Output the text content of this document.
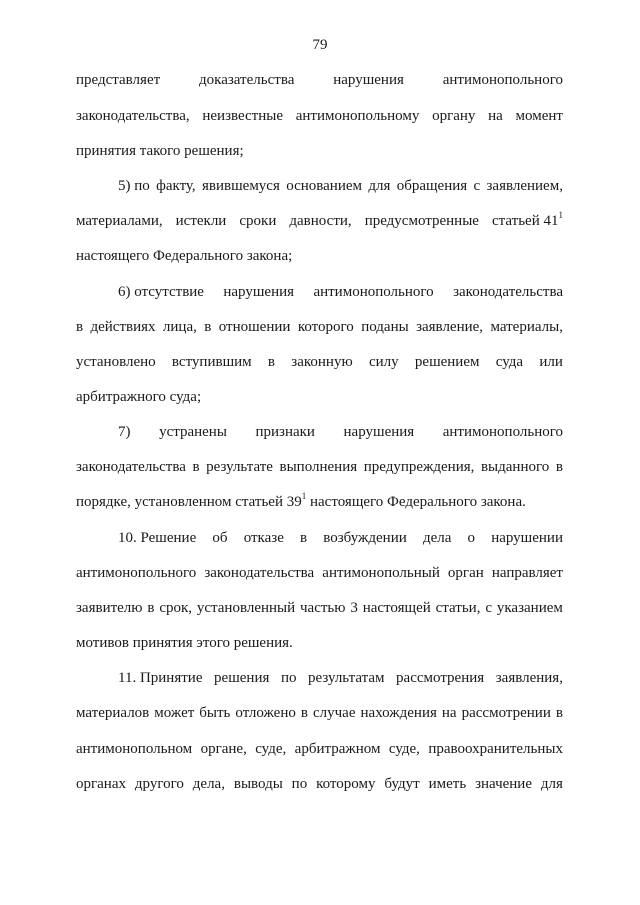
79
представляет	доказательства	нарушения	антимонопольного
законодательства, неизвестные антимонопольному органу на момент
принятия такого решения;
5) по факту, явившемуся основанием для обращения с заявлением,
материалами, истекли сроки давности, предусмотренные статьей $41^1$
настоящего Федерального закона;
6) отсутствие нарушения антимонопольного законодательства
в действиях лица, в отношении которого поданы заявление, материалы,
установлено вступившим в законную силу решением суда или
арбитражного суда;
7) устранены признаки нарушения антимонопольного
законодательства в результате выполнения предупреждения, выданного в
порядке, установленном статьей $39^1$ настоящего Федерального закона.
10. Решение об отказе в возбуждении дела о нарушении
антимонопольного законодательства антимонопольный орган направляет
заявителю в срок, установленный частью 3 настоящей статьи, с указанием
мотивов принятия этого решения.
11. Принятие решения по результатам рассмотрения заявления,
материалов может быть отложено в случае нахождения на рассмотрении в
антимонопольном органе, суде, арбитражном суде, правоохранительных
органах другого дела, выводы по которому будут иметь значение для
